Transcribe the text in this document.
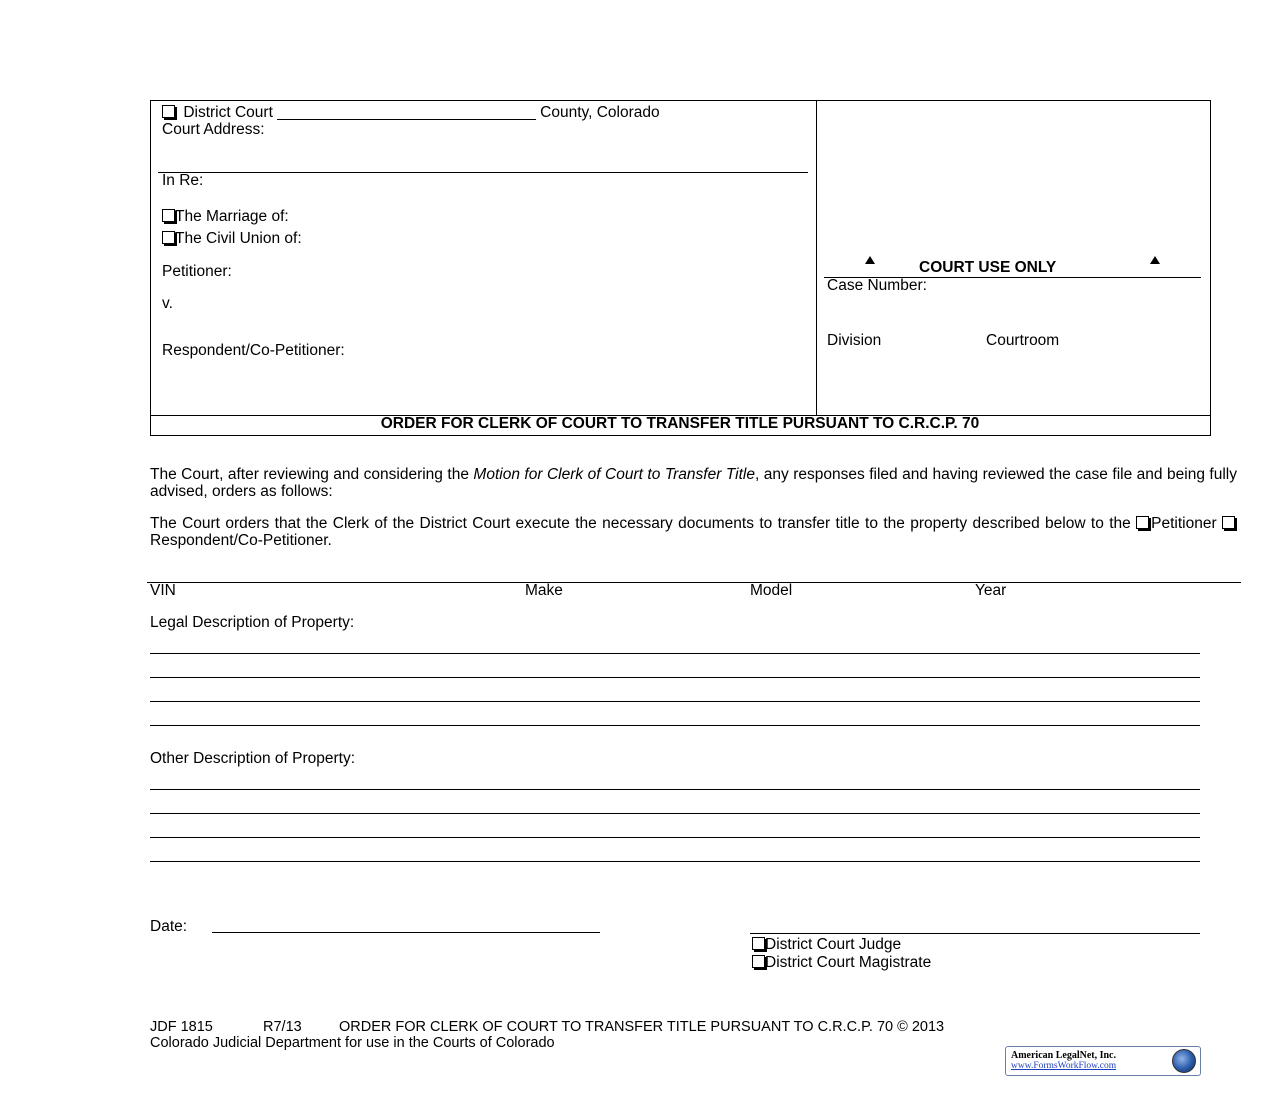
District Court ______________________________ County, Colorado
Court Address:
In Re:
The Marriage of:
The Civil Union of:
Petitioner:
v.
Respondent/Co-Petitioner:
COURT USE ONLY
Case Number:
Division	Courtroom
ORDER FOR CLERK OF COURT TO TRANSFER TITLE PURSUANT TO C.R.C.P. 70
The Court, after reviewing and considering the Motion for Clerk of Court to Transfer Title, any responses filed and having reviewed the case file and being fully advised, orders as follows:
The Court orders that the Clerk of the District Court execute the necessary documents to transfer title to the property described below to the Petitioner Respondent/Co-Petitioner.
VIN	Make	Model	Year
Legal Description of Property:
Other Description of Property:
Date:
District Court Judge
District Court Magistrate
JDF 1815	R7/13	ORDER FOR CLERK OF COURT TO TRANSFER TITLE PURSUANT TO C.R.C.P. 70 © 2013
Colorado Judicial Department for use in the Courts of Colorado
American LegalNet, Inc.
www.FormsWorkFlow.com
